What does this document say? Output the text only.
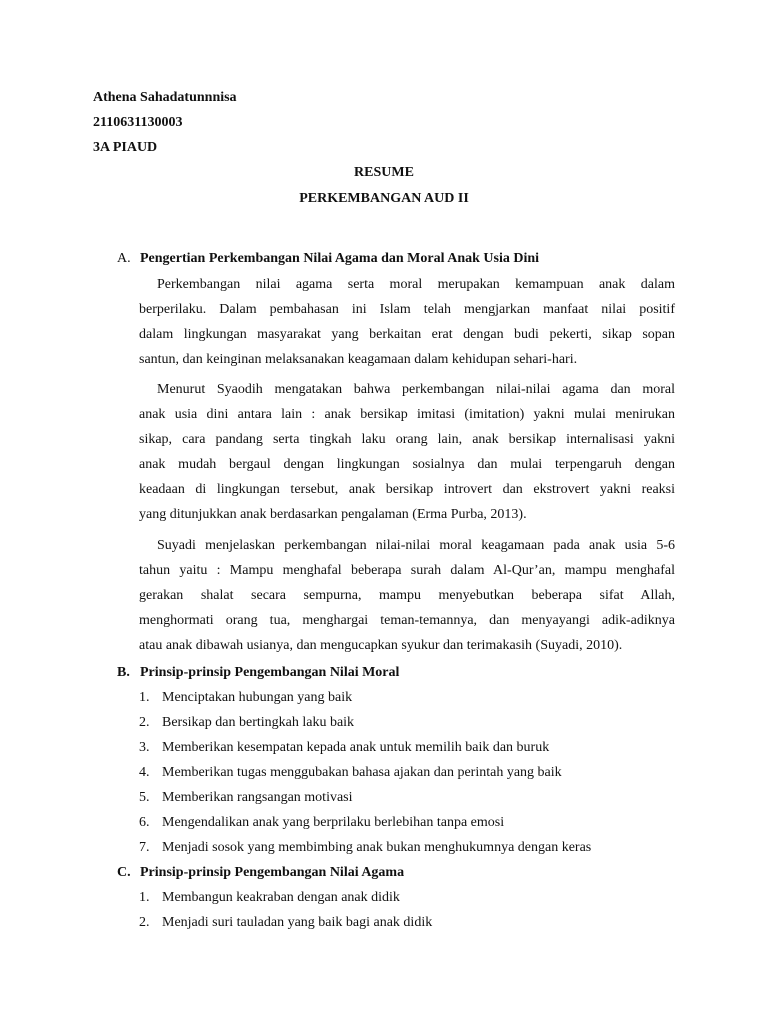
Athena Sahadatunnnisa
2110631130003
3A PIAUD
RESUME
PERKEMBANGAN AUD II
A. Pengertian Perkembangan Nilai Agama dan Moral Anak Usia Dini
Perkembangan nilai agama serta moral merupakan kemampuan anak dalam
berperilaku. Dalam pembahasan ini Islam telah mengjarkan manfaat nilai positif
dalam lingkungan masyarakat yang berkaitan erat dengan budi pekerti, sikap sopan
santun, dan keinginan melaksanakan keagamaan dalam kehidupan sehari-hari.
Menurut Syaodih mengatakan bahwa perkembangan nilai-nilai agama dan moral
anak usia dini antara lain : anak bersikap imitasi (imitation) yakni mulai menirukan
sikap, cara pandang serta tingkah laku orang lain, anak bersikap internalisasi yakni
anak mudah bergaul dengan lingkungan sosialnya dan mulai terpengaruh dengan
keadaan di lingkungan tersebut, anak bersikap introvert dan ekstrovert yakni reaksi
yang ditunjukkan anak berdasarkan pengalaman (Erma Purba, 2013).
Suyadi menjelaskan perkembangan nilai-nilai moral keagamaan pada anak usia 5-6
tahun yaitu : Mampu menghafal beberapa surah dalam Al-Qur’an, mampu menghafal
gerakan shalat secara sempurna, mampu menyebutkan beberapa sifat Allah,
menghormati orang tua, menghargai teman-temannya, dan menyayangi adik-adiknya
atau anak dibawah usianya, dan mengucapkan syukur dan terimakasih (Suyadi, 2010).
B. Prinsip-prinsip Pengembangan Nilai Moral
1. Menciptakan hubungan yang baik
2. Bersikap dan bertingkah laku baik
3. Memberikan kesempatan kepada anak untuk memilih baik dan buruk
4. Memberikan tugas menggubakan bahasa ajakan dan perintah yang baik
5. Memberikan rangsangan motivasi
6. Mengendalikan anak yang berprilaku berlebihan tanpa emosi
7. Menjadi sosok yang membimbing anak bukan menghukumnya dengan keras
C. Prinsip-prinsip Pengembangan Nilai Agama
1. Membangun keakraban dengan anak didik
2. Menjadi suri tauladan yang baik bagi anak didik
